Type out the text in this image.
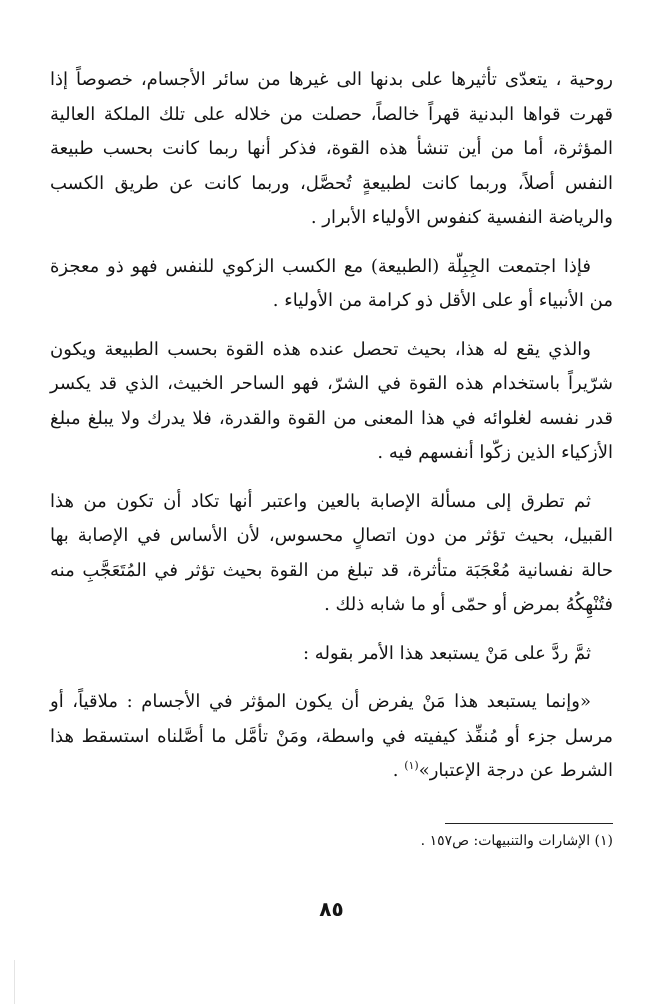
روحية ، يتعدّى تأثيرها على بدنها الى غيرها من سائر الأجسام، خصوصاً إذا قهرت قواها البدنية قهراً خالصاً، حصلت من خلاله على تلك الملكة العالية المؤثرة، أما من أين تنشأ هذه القوة، فذكر أنها ربما كانت بحسب طبيعة النفس أصلاً، وربما كانت لطبيعةٍ تُحصَّل، وربما كانت عن طريق الكسب والرياضة النفسية كنفوس الأولياء الأبرار .

فإذا اجتمعت الجِبِلّة (الطبيعة) مع الكسب الزكوي للنفس فهو ذو معجزة من الأنبياء أو على الأقل ذو كرامة من الأولياء .

والذي يقع له هذا، بحيث تحصل عنده هذه القوة بحسب الطبيعة ويكون شرّيراً باستخدام هذه القوة في الشرّ، فهو الساحر الخبيث، الذي قد يكسر قدر نفسه لغلوائه في هذا المعنى من القوة والقدرة، فلا يدرك ولا يبلغ مبلغ الأزكياء الذين زكّوا أنفسهم فيه .

ثم تطرق إلى مسألة الإصابة بالعين واعتبر أنها تكاد أن تكون من هذا القبيل، بحيث تؤثر من دون اتصالٍ محسوس، لأن الأساس في الإصابة بها حالة نفسانية مُعْجَبَة متأثرة، قد تبلغ من القوة بحيث تؤثر في المُتَعَجَّبِ منه فتُنْهِكُهُ بمرض أو حمّى أو ما شابه ذلك .

ثمَّ ردَّ على مَنْ يستبعد هذا الأمر بقوله :

«وإنما يستبعد هذا مَنْ يفرض أن يكون المؤثر في الأجسام : ملاقياً، أو مرسل جزء أو مُنفِّذ كيفيته في واسطة، ومَنْ تأمَّل ما أصَّلناه استسقط هذا الشرط عن درجة الإعتبار»$^{(١)}$ .

(١) الإشارات والتنبيهات: ص١٥٧ .
٨٥
